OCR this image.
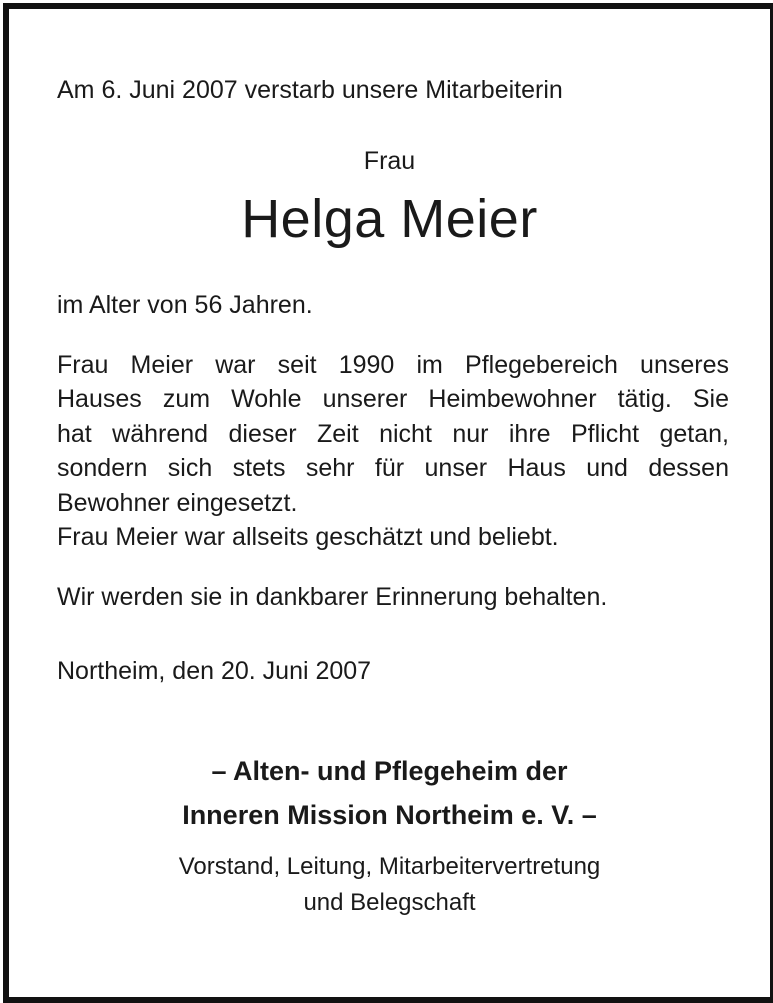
Am 6. Juni 2007 verstarb unsere Mitarbeiterin
Frau
Helga Meier
im Alter von 56 Jahren.
Frau Meier war seit 1990 im Pflegebereich unseres
Hauses zum Wohle unserer Heimbewohner tätig. Sie
hat während dieser Zeit nicht nur ihre Pflicht getan,
sondern sich stets sehr für unser Haus und dessen
Bewohner eingesetzt.
Frau Meier war allseits geschätzt und beliebt.
Wir werden sie in dankbarer Erinnerung behalten.
Northeim, den 20. Juni 2007
– Alten- und Pflegeheim der
Inneren Mission Northeim e. V. –
Vorstand, Leitung, Mitarbeitervertretung
und Belegschaft
